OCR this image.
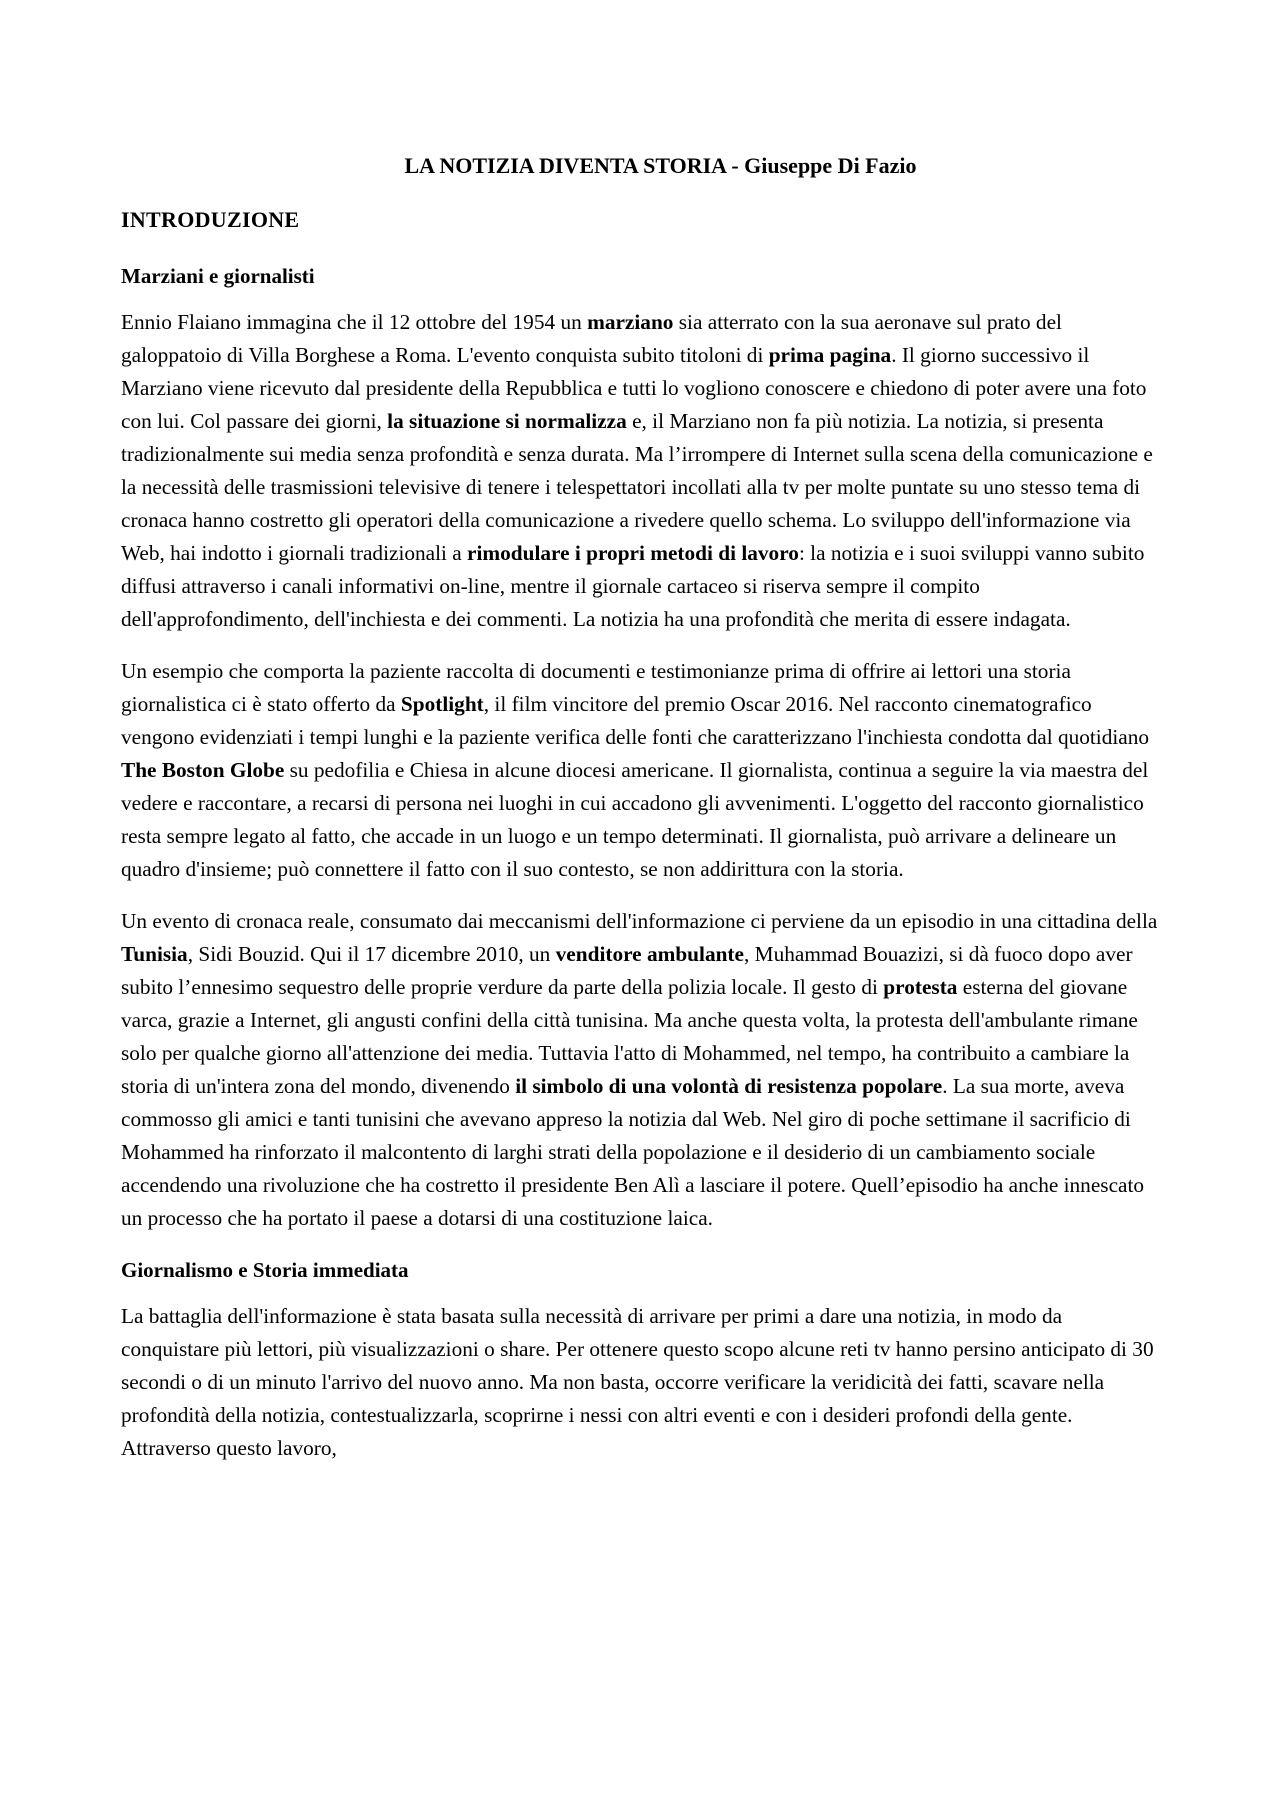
LA NOTIZIA DIVENTA STORIA - Giuseppe Di Fazio
INTRODUZIONE
Marziani e giornalisti

Ennio Flaiano immagina che il 12 ottobre del 1954 un marziano sia atterrato con la sua aeronave sul prato del galoppatoio di Villa Borghese a Roma. L'evento conquista subito titoloni di prima pagina. Il giorno successivo il Marziano viene ricevuto dal presidente della Repubblica e tutti lo vogliono conoscere e chiedono di poter avere una foto con lui. Col passare dei giorni, la situazione si normalizza e, il Marziano non fa più notizia. La notizia, si presenta tradizionalmente sui media senza profondità e senza durata. Ma l’irrompere di Internet sulla scena della comunicazione e la necessità delle trasmissioni televisive di tenere i telespettatori incollati alla tv per molte puntate su uno stesso tema di cronaca hanno costretto gli operatori della comunicazione a rivedere quello schema. Lo sviluppo dell'informazione via Web, hai indotto i giornali tradizionali a rimodulare i propri metodi di lavoro: la notizia e i suoi sviluppi vanno subito diffusi attraverso i canali informativi on-line, mentre il giornale cartaceo si riserva sempre il compito dell'approfondimento, dell'inchiesta e dei commenti. La notizia ha una profondità che merita di essere indagata.

Un esempio che comporta la paziente raccolta di documenti e testimonianze prima di offrire ai lettori una storia giornalistica ci è stato offerto da Spotlight, il film vincitore del premio Oscar 2016. Nel racconto cinematografico vengono evidenziati i tempi lunghi e la paziente verifica delle fonti che caratterizzano l'inchiesta condotta dal quotidiano The Boston Globe su pedofilia e Chiesa in alcune diocesi americane. Il giornalista, continua a seguire la via maestra del vedere e raccontare, a recarsi di persona nei luoghi in cui accadono gli avvenimenti. L'oggetto del racconto giornalistico resta sempre legato al fatto, che accade in un luogo e un tempo determinati. Il giornalista, può arrivare a delineare un quadro d'insieme; può connettere il fatto con il suo contesto, se non addirittura con la storia.

Un evento di cronaca reale, consumato dai meccanismi dell'informazione ci perviene da un episodio in una cittadina della Tunisia, Sidi Bouzid. Qui il 17 dicembre 2010, un venditore ambulante, Muhammad Bouazizi, si dà fuoco dopo aver subito l’ennesimo sequestro delle proprie verdure da parte della polizia locale. Il gesto di protesta esterna del giovane varca, grazie a Internet, gli angusti confini della città tunisina. Ma anche questa volta, la protesta dell'ambulante rimane solo per qualche giorno all'attenzione dei media. Tuttavia l'atto di Mohammed, nel tempo, ha contribuito a cambiare la storia di un'intera zona del mondo, divenendo il simbolo di una volontà di resistenza popolare. La sua morte, aveva commosso gli amici e tanti tunisini che avevano appreso la notizia dal Web. Nel giro di poche settimane il sacrificio di Mohammed ha rinforzato il malcontento di larghi strati della popolazione e il desiderio di un cambiamento sociale accendendo una rivoluzione che ha costretto il presidente Ben Alì a lasciare il potere. Quell’episodio ha anche innescato un processo che ha portato il paese a dotarsi di una costituzione laica.

Giornalismo e Storia immediata

La battaglia dell'informazione è stata basata sulla necessità di arrivare per primi a dare una notizia, in modo da conquistare più lettori, più visualizzazioni o share. Per ottenere questo scopo alcune reti tv hanno persino anticipato di 30 secondi o di un minuto l'arrivo del nuovo anno. Ma non basta, occorre verificare la veridicità dei fatti, scavare nella profondità della notizia, contestualizzarla, scoprirne i nessi con altri eventi e con i desideri profondi della gente. Attraverso questo lavoro,
